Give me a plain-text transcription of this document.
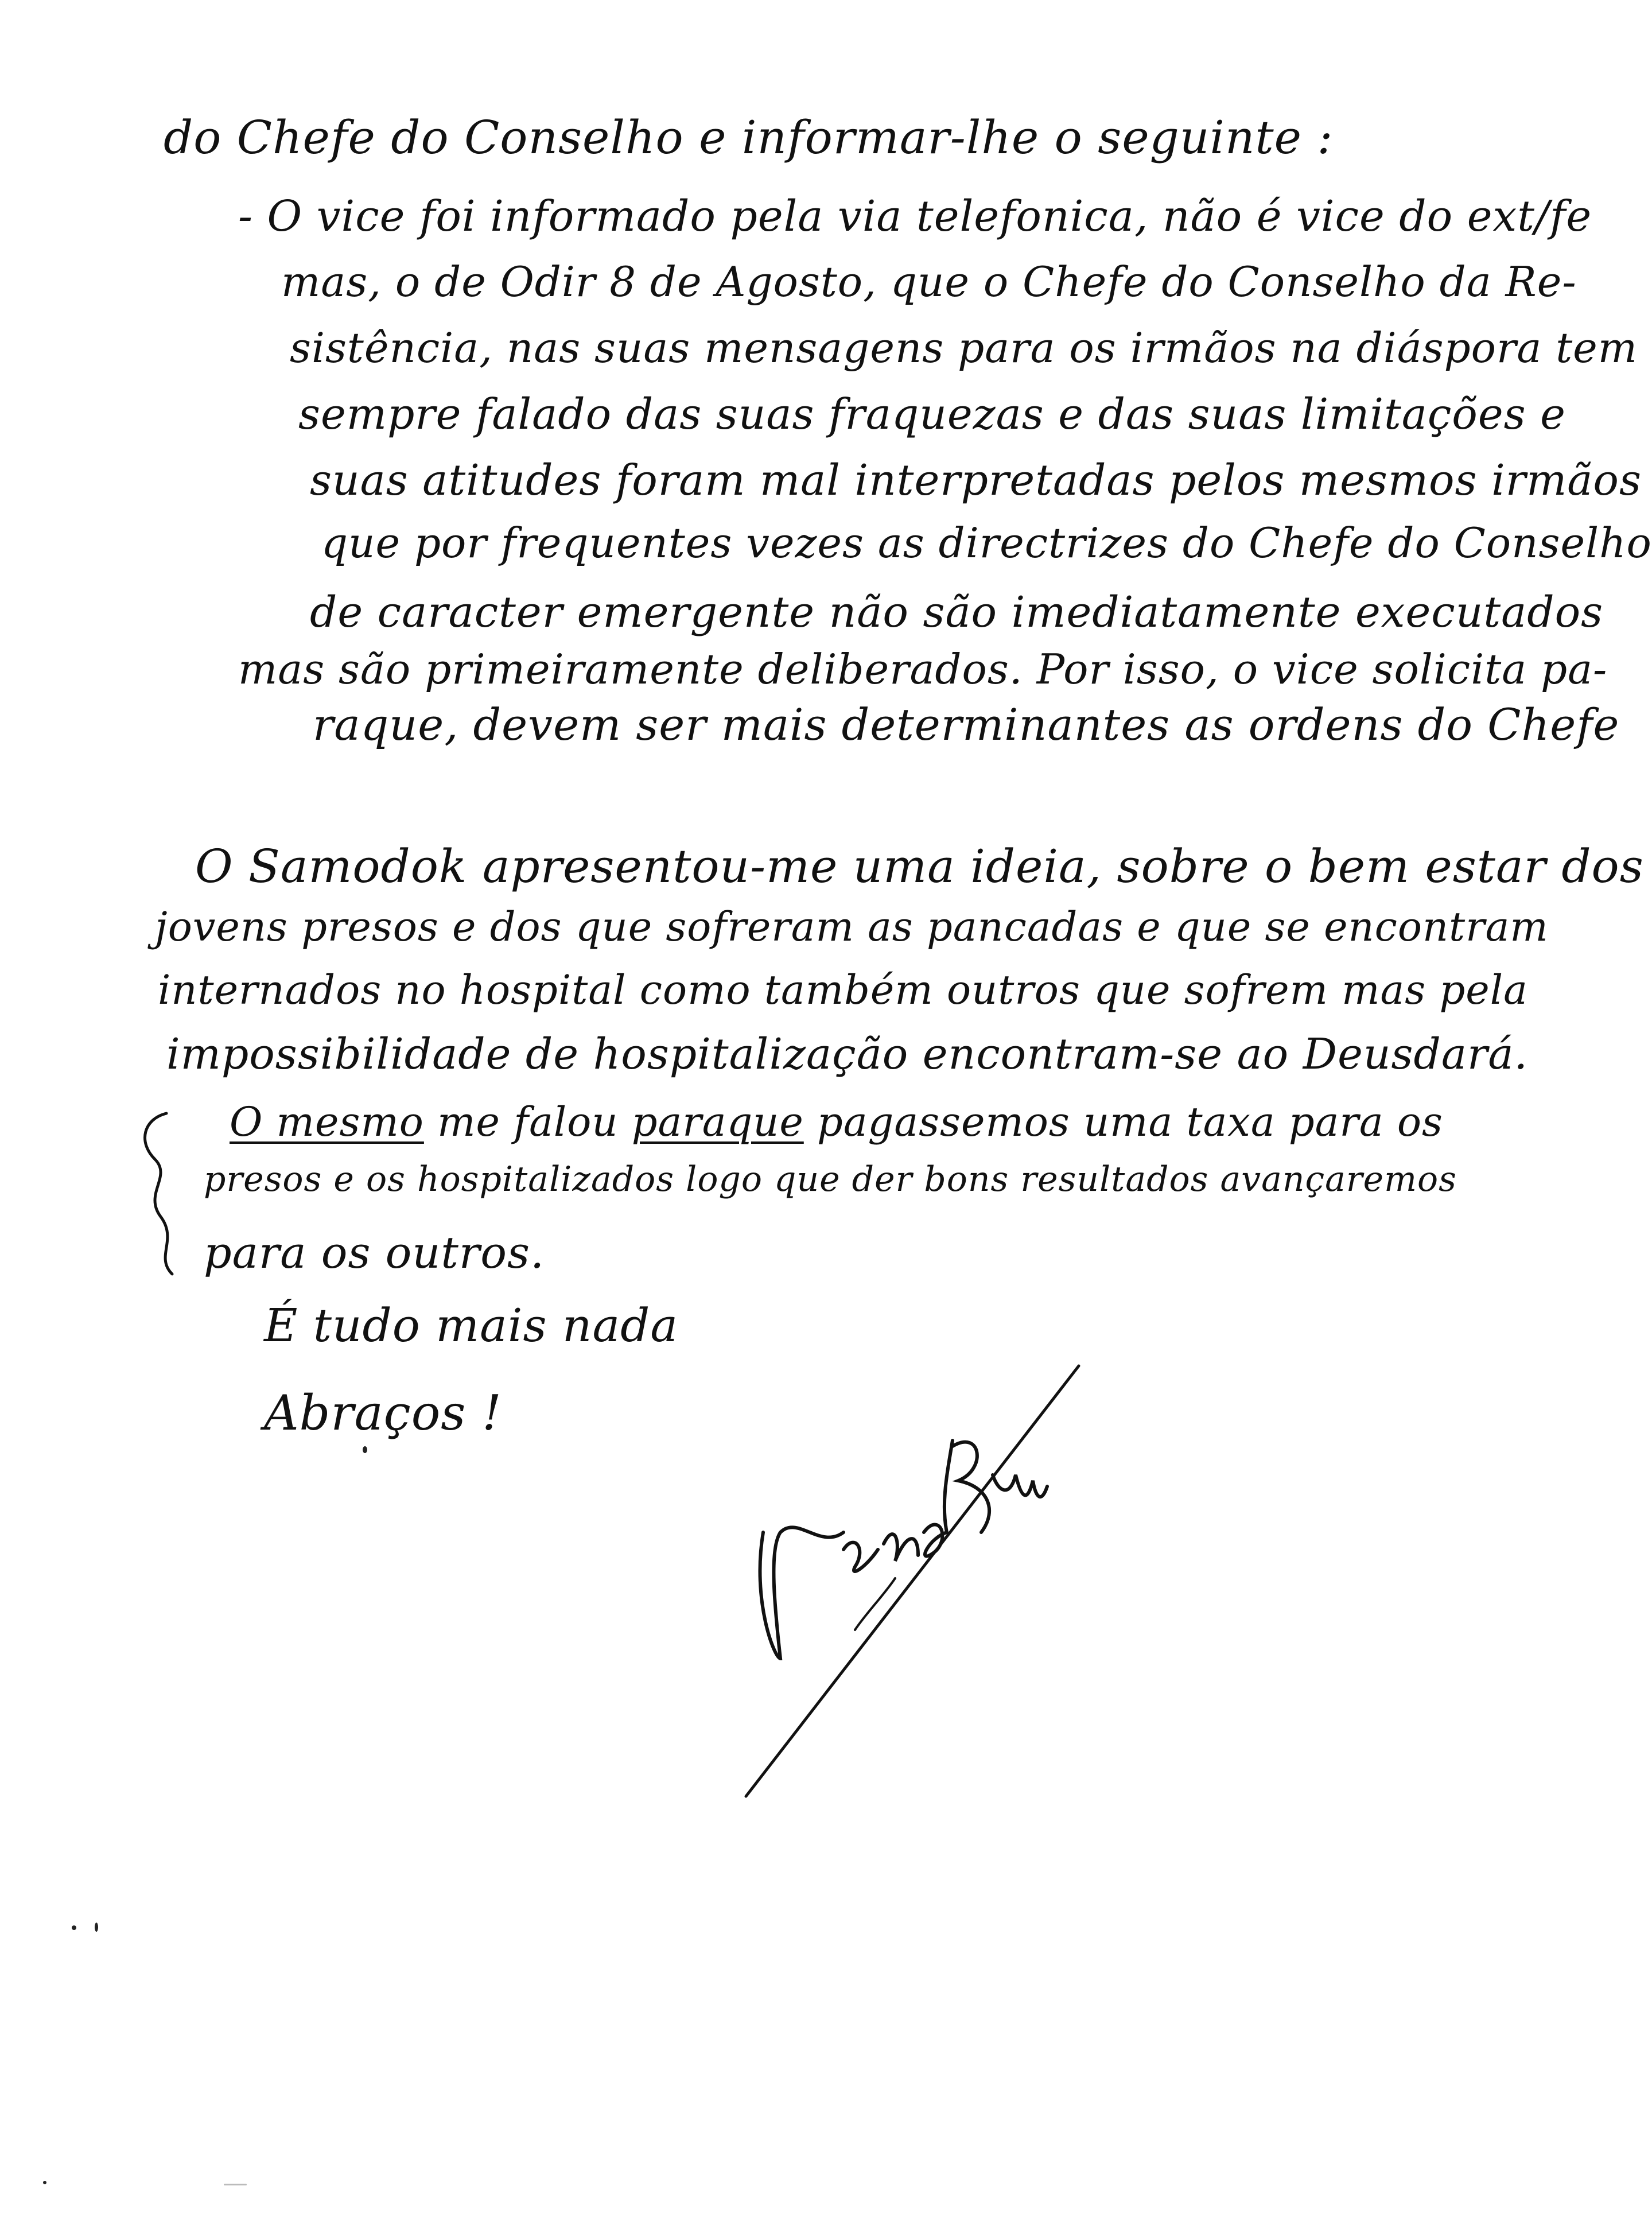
do Chefe do Conselho e informar-lhe o seguinte :
- O vice foi informado pela via telefonica, não é vice do ext/fe
mas, o de Odir 8 de Agosto, que o Chefe do Conselho da Re-
sistência, nas suas mensagens para os irmãos na diáspora tem
sempre falado das suas fraquezas e das suas limitações e
suas atitudes foram mal interpretadas pelos mesmos irmãos
que por frequentes vezes as directrizes do Chefe do Conselho
de caracter emergente não são imediatamente executados
mas são primeiramente deliberados. Por isso, o vice solicita pa-
raque, devem ser mais determinantes as ordens do Chefe
O Samodok apresentou-me uma ideia, sobre o bem estar dos
jovens presos e dos que sofreram as pancadas e que se encontram
internados no hospital como também outros que sofrem mas pela
impossibilidade de hospitalização encontram-se ao Deusdará.
O mesmo me falou paraque pagassemos uma taxa para os
presos e os hospitalizados logo que der bons resultados avançaremos
para os outros.
É tudo mais nada
Abraços !
